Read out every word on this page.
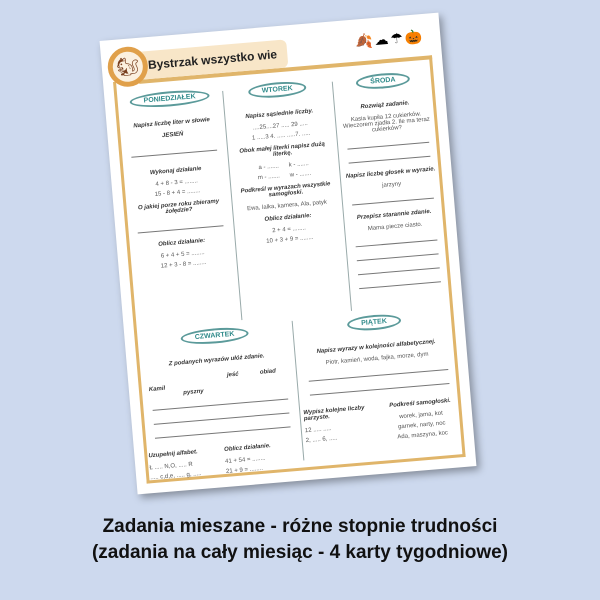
Bystrzak wszystko wie
🐿
🍂☁☂🎃
PONIEDZIAŁEK
Napisz liczbę liter w słowie
JESIEŃ
Wykonaj działanie
4 + 8 - 3 = ........
15 - 8 + 4 = ........
O jakiej porze roku zbieramy żołędzie?
Oblicz działanie:
6 + 4 + 5 = ........
12 + 3 - 8 = ........
WTOREK
Napisz sąsiednie liczby.
....25....27 ..... 29 .....
1 .....3 4. ..... .....7. .....
Obok małej literki napisz dużą literkę.
a - .......      k - .......
m - .......      w - .......
Podkreśl w wyrazach wszystkie samogłoski.
Ewa, lalka, kamera, Ala, patyk
Oblicz działanie:
2 + 4 = ........
10 + 3 + 9 = ........
ŚRODA
Rozwiąż zadanie.
Kasia kupiła 12 cukierków. Wieczorem zjadła 2. Ile ma teraz cukierków?
Napisz liczbę głosek w wyrazie.
jarzyny
Przepisz starannie zdanie.
Mama piecze ciasto.
CZWARTEK
Z podanych wyrazów ułóż zdanie.
Kamil	pyszny
jeść	obiad
Uzupełnij alfabet.
Ł ..... N,O, ..... R
..... c,d,e, ..... g, .....
Oblicz działanie.
41 + 54 = ........
21 + 9 = ........
PIĄTEK
Napisz wyrazy w kolejności alfabetycznej.
Piotr, kamień, woda, fajka, morze, dym
Wypisz kolejne liczby parzyste.
12 ..... .....
2, ..... 6, .....
Podkreśl samogłoski.
worek, jama, kot
garnek, narty, noc
Ada, maszyna, koc
Zadania mieszane - różne stopnie trudności
(zadania na cały miesiąc - 4 karty tygodniowe)
